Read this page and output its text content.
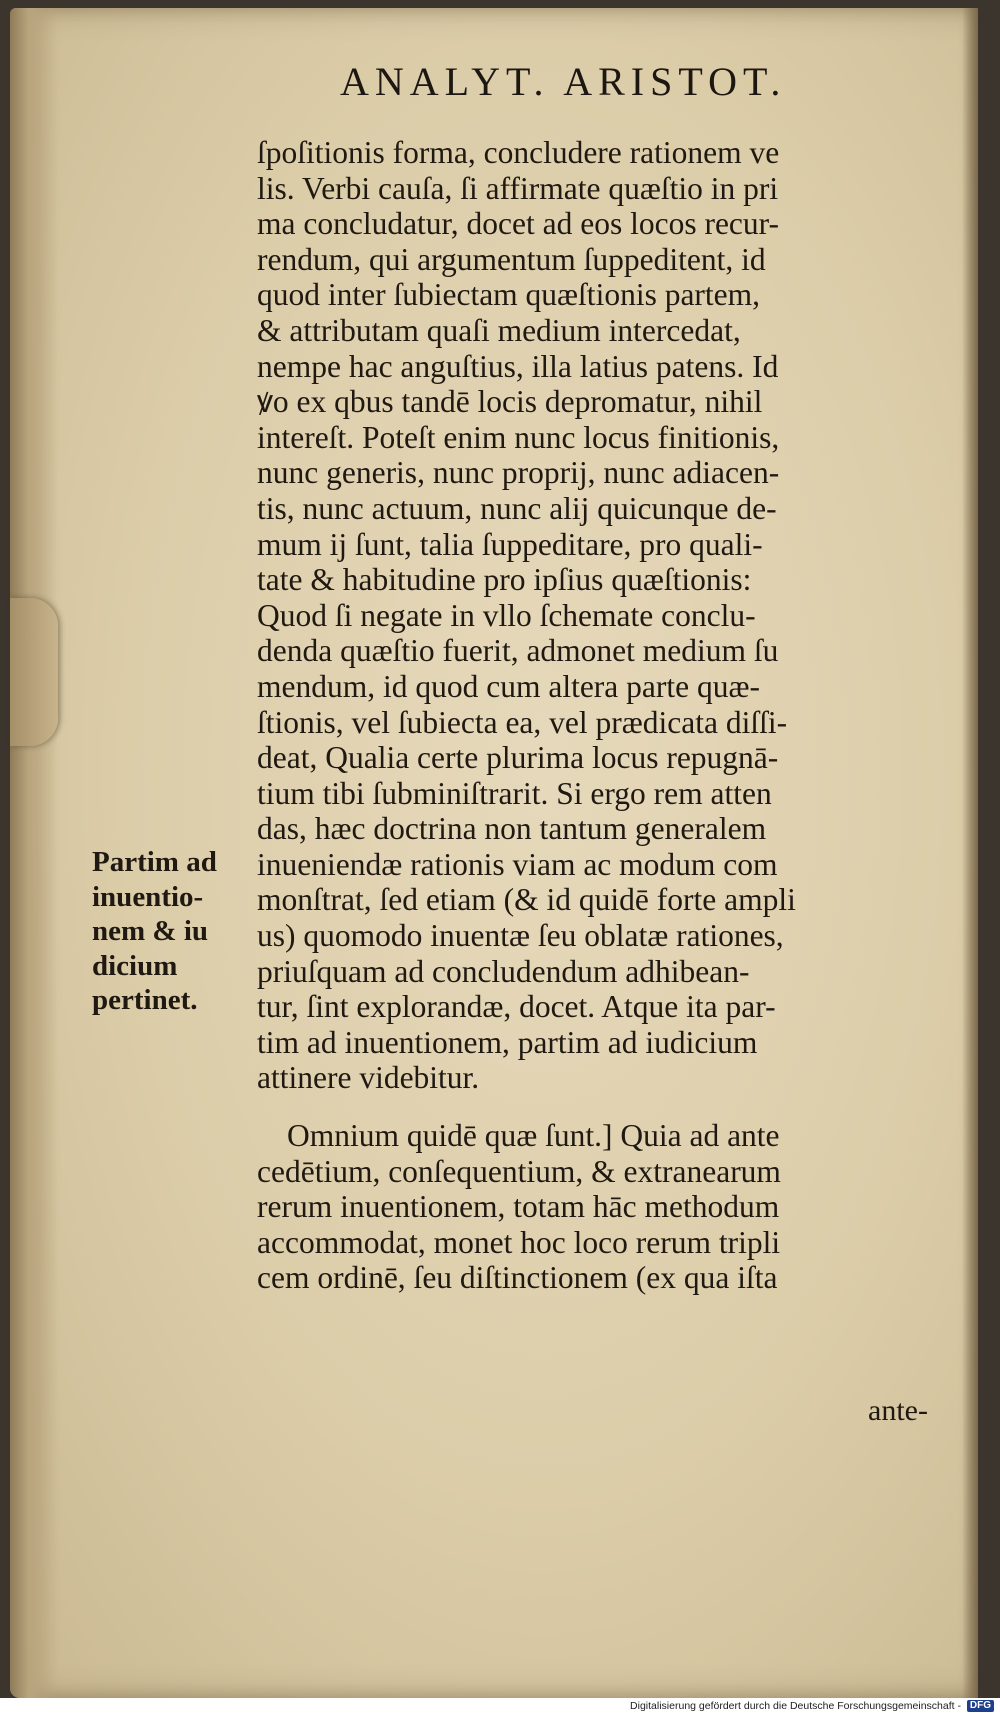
ANALYT. ARISTOT.
ſpoſitionis forma, concludere rationem ve
lis. Verbi cauſa, ſi affirmate quæſtio in pri
ma concludatur, docet ad eos locos recur-
rendum, qui argumentum ſuppeditent, id
quod inter ſubiectam quæſtionis partem,
& attributam quaſi medium intercedat,
nempe hac anguſtius, illa latius patens. Id
ꝟo ex qbus tandē locis depromatur, nihil
intereſt. Poteſt enim nunc locus finitionis,
nunc generis, nunc proprij, nunc adiacen-
tis, nunc actuum, nunc alij quicunque de-
mum ij ſunt, talia ſuppeditare, pro quali-
tate & habitudine pro ipſius quæſtionis:
Quod ſi negate in vllo ſchemate conclu-
denda quæſtio fuerit, admonet medium ſu
mendum, id quod cum altera parte quæ-
ſtionis, vel ſubiecta ea, vel prædicata diſſi-
deat, Qualia certe plurima locus repugnā-
tium tibi ſubminiſtrarit. Si ergo rem atten
das, hæc doctrina non tantum generalem
inueniendæ rationis viam ac modum com
monſtrat, ſed etiam (& id quidē forte ampli
us) quomodo inuentæ ſeu oblatæ rationes,
priuſquam ad concludendum adhibean-
tur, ſint explorandæ, docet. Atque ita par-
tim ad inuentionem, partim ad iudicium
attinere videbitur.
Omnium quidē quæ ſunt.] Quia ad ante
cedētium, conſequentium, & extranearum
rerum inuentionem, totam hāc methodum
accommodat, monet hoc loco rerum tripli
cem ordinē, ſeu diſtinctionem (ex qua iſta
ante-
Partim ad
inuentio-
nem & iu
dicium
pertinet.
Digitalisierung gefördert durch die Deutsche Forschungsgemeinschaft - DFG
